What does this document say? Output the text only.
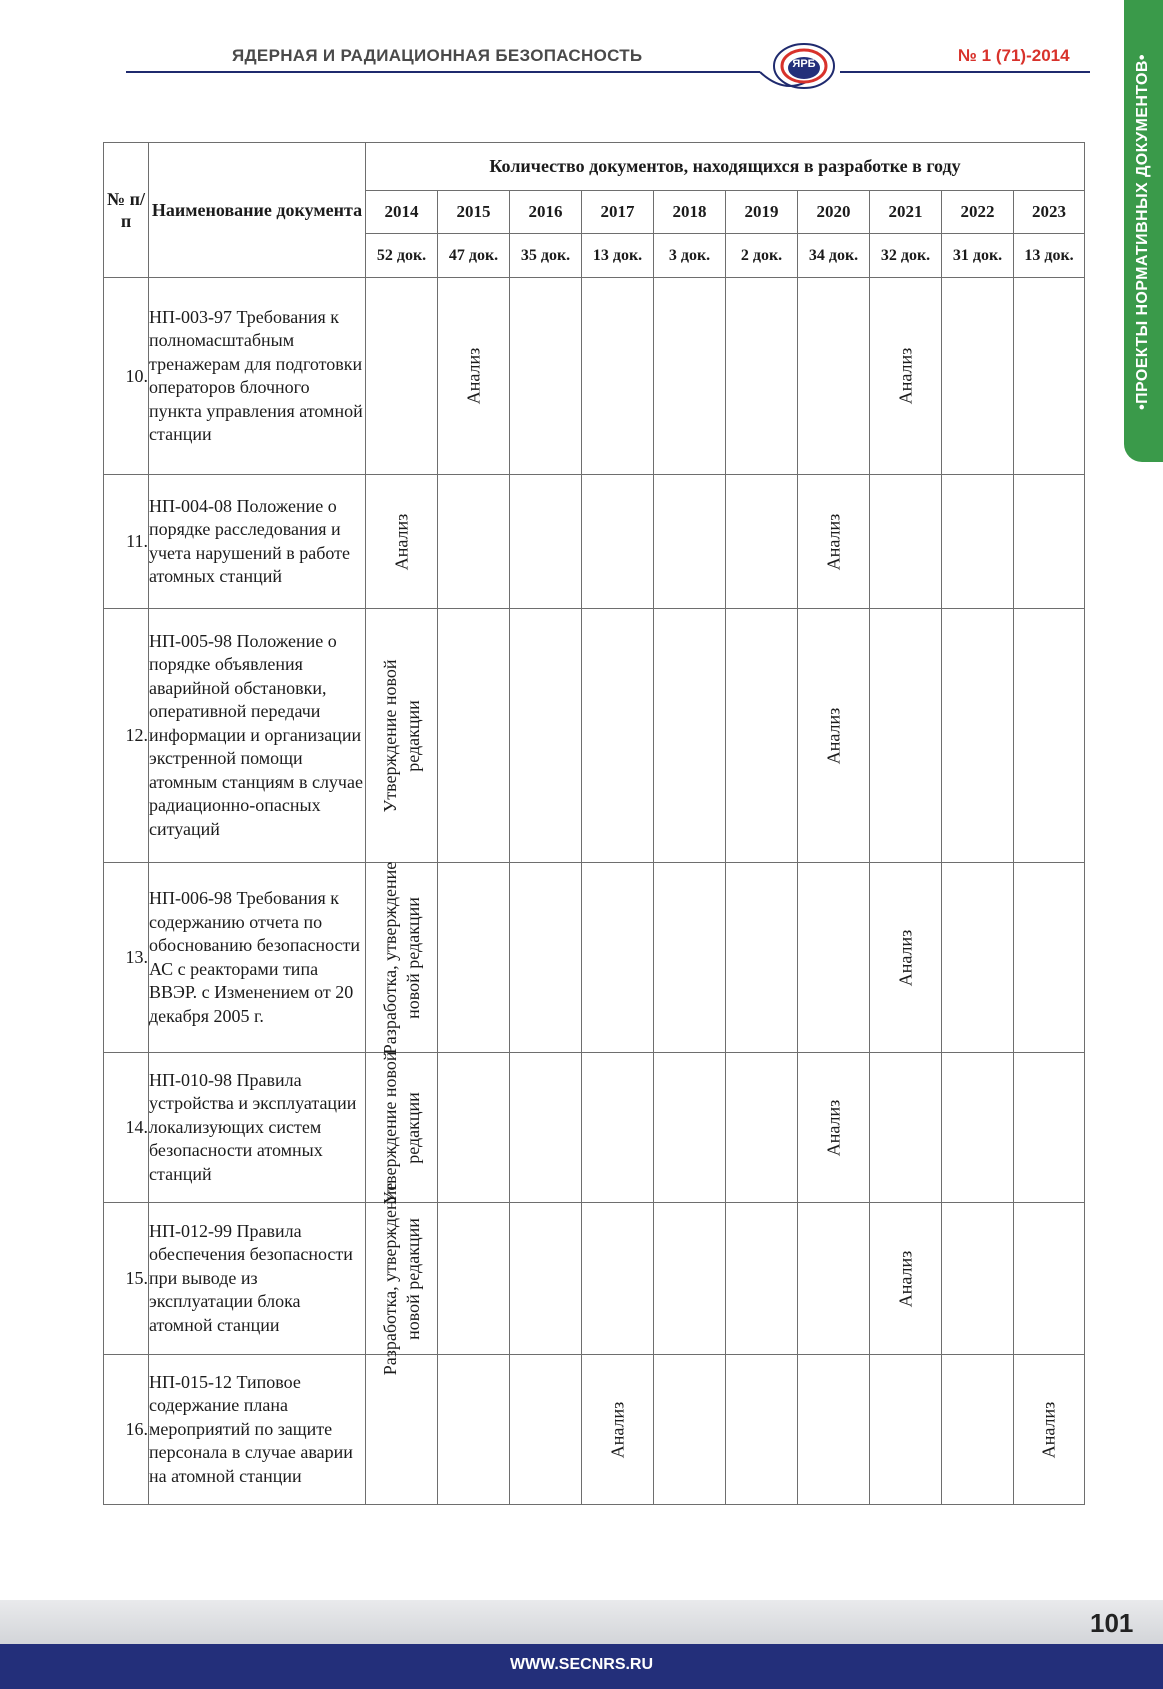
ЯДЕРНАЯ И РАДИАЦИОННАЯ БЕЗОПАСНОСТЬ	№ 1 (71)-2014
ЯРБ	•ПРОЕКТЫ НОРМАТИВНЫХ ДОКУМЕНТОВ•
№ п/п	Наименование документа	Количество документов, находящихся в разработке в году									
		2014	2015	2016	2017	2018	2019	2020	2021	2022	2023
		52 док.	47 док.	35 док.	13 док.	3 док.	2 док.	34 док.	32 док.	31 док.	13 док.
10.	НП-003-97 Требования к полномасштабным тренажерам для подготовки операторов блочного пункта управления атомной станции		Анализ						Анализ		

11.	НП-004-08 Положение о порядке расследования и учета нарушений в работе атомных станций	Анализ						Анализ			

12.	НП-005-98 Положение о порядке объявления аварийной обстановки, оперативной передачи информации и организации экстренной помощи атомным станциям в случае радиационно-опасных ситуаций	Утверждение новой редакции						Анализ			

13.	НП-006-98 Требования к содержанию отчета по обоснованию безопасности АС с реакторами типа ВВЭР. с Изменением от 20 декабря 2005 г.	Разработка, утверждение новой редакции							Анализ		

14.	НП-010-98 Правила устройства и эксплуатации локализующих систем безопасности атомных станций	Утверждение новой редакции						Анализ			

15.	НП-012-99 Правила обеспечения безопасности при выводе из эксплуатации блока атомной станции	Разработка, утверждение новой редакции							Анализ		

16.	НП-015-12 Типовое содержание плана мероприятий по защите персонала в случае аварии на атомной станции				Анализ						Анализ
101
WWW.SECNRS.RU
